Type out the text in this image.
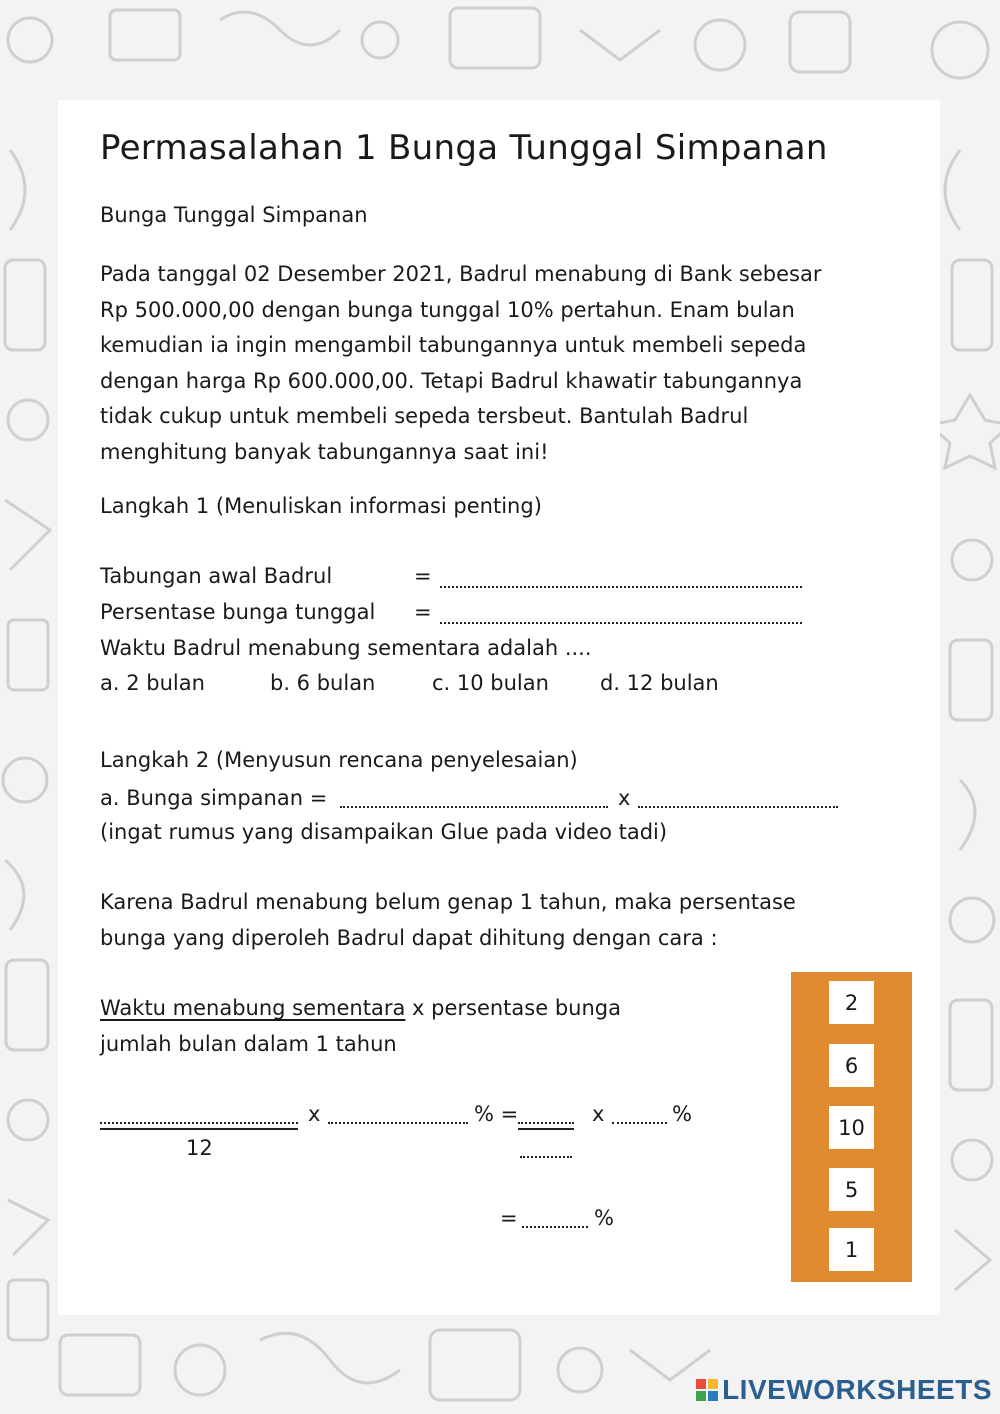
Permasalahan 1 Bunga Tunggal Simpanan
Bunga Tunggal Simpanan
Pada tanggal 02 Desember 2021, Badrul menabung di Bank sebesar
Rp 500.000,00 dengan bunga tunggal 10% pertahun. Enam bulan
kemudian ia ingin mengambil tabungannya untuk membeli sepeda
dengan harga Rp 600.000,00. Tetapi Badrul khawatir tabungannya
tidak cukup untuk membeli sepeda tersbeut. Bantulah Badrul
menghitung banyak tabungannya saat ini!
Langkah 1 (Menuliskan informasi penting)
Tabungan awal Badrul	=
Persentase bunga tunggal =
Waktu Badrul menabung sementara adalah ....
a. 2 bulan	b. 6 bulan	c. 10 bulan d. 12 bulan
Langkah 2 (Menyusun rencana penyelesaian)
a. Bunga simpanan =	x
(ingat rumus yang disampaikan Glue pada video tadi)
Karena Badrul menabung belum genap 1 tahun, maka persentase
bunga yang diperoleh Badrul dapat dihitung dengan cara :
Waktu menabung sementara x persentase bunga
jumlah bulan dalam 1 tahun
12
x	% =	x	%
=	%
2
6
10
5
1
LIVEWORKSHEETS
